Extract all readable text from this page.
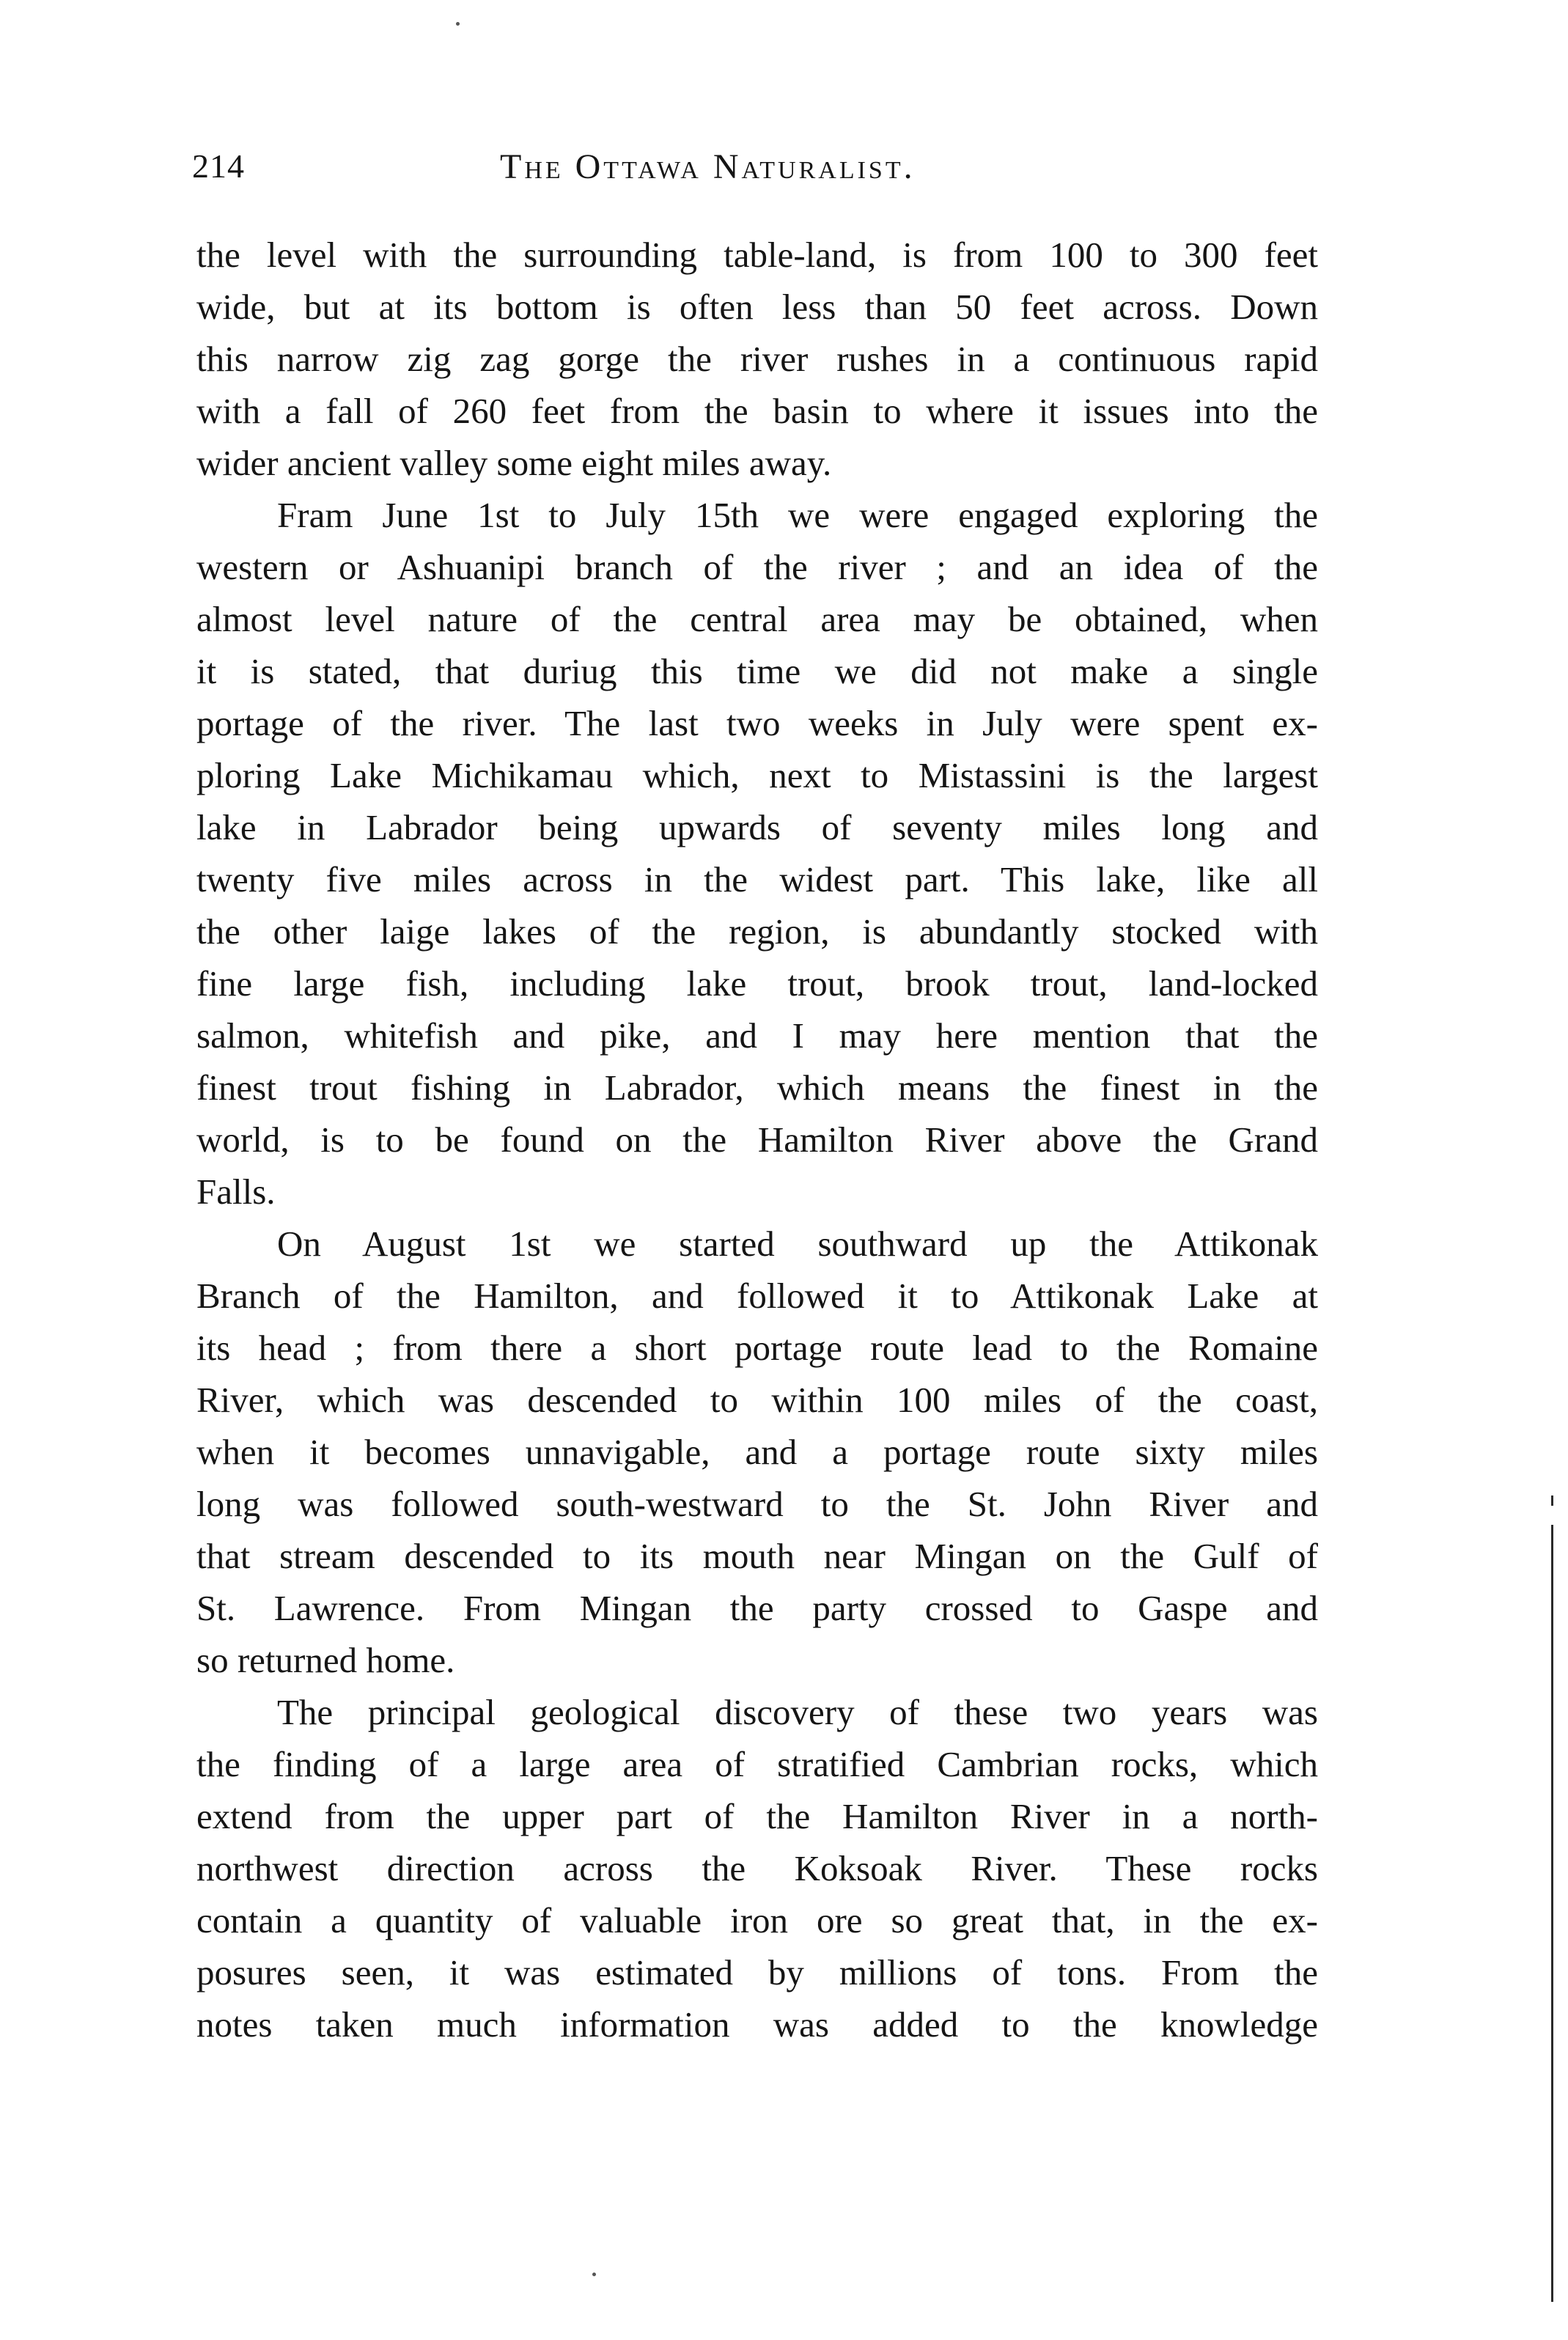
214	The Ottawa Naturalist.
the level with the surrounding table-land, is from 100 to 300 feet
wide, but at its bottom is often less than 50 feet across. Down
this narrow zig zag gorge the river rushes in a continuous rapid
with a fall of 260 feet from the basin to where it issues into the
wider ancient valley some eight miles away.
Fram June 1st to July 15th we were engaged exploring the
western or Ashuanipi branch of the river ; and an idea of the
almost level nature of the central area may be obtained, when
it is stated, that duriug this time we did not make a single
portage of the river. The last two weeks in July were spent ex-
ploring Lake Michikamau which, next to Mistassini is the largest
lake in Labrador being upwards of seventy miles long and
twenty five miles across in the widest part. This lake, like all
the other laige lakes of the region, is abundantly stocked with
fine large fish, including lake trout, brook trout, land-locked
salmon, whitefish and pike, and I may here mention that the
finest trout fishing in Labrador, which means the finest in the
world, is to be found on the Hamilton River above the Grand
Falls.
On August 1st we started southward up the Attikonak
Branch of the Hamilton, and followed it to Attikonak Lake at
its head ; from there a short portage route lead to the Romaine
River, which was descended to within 100 miles of the coast,
when it becomes unnavigable, and a portage route sixty miles
long was followed south-westward to the St. John River and
that stream descended to its mouth near Mingan on the Gulf of
St. Lawrence. From Mingan the party crossed to Gaspe and
so returned home.
The principal geological discovery of these two years was
the finding of a large area of stratified Cambrian rocks, which
extend from the upper part of the Hamilton River in a north-
northwest direction across the Koksoak River. These rocks
contain a quantity of valuable iron ore so great that, in the ex-
posures seen, it was estimated by millions of tons. From the
notes taken much information was added to the knowledge
